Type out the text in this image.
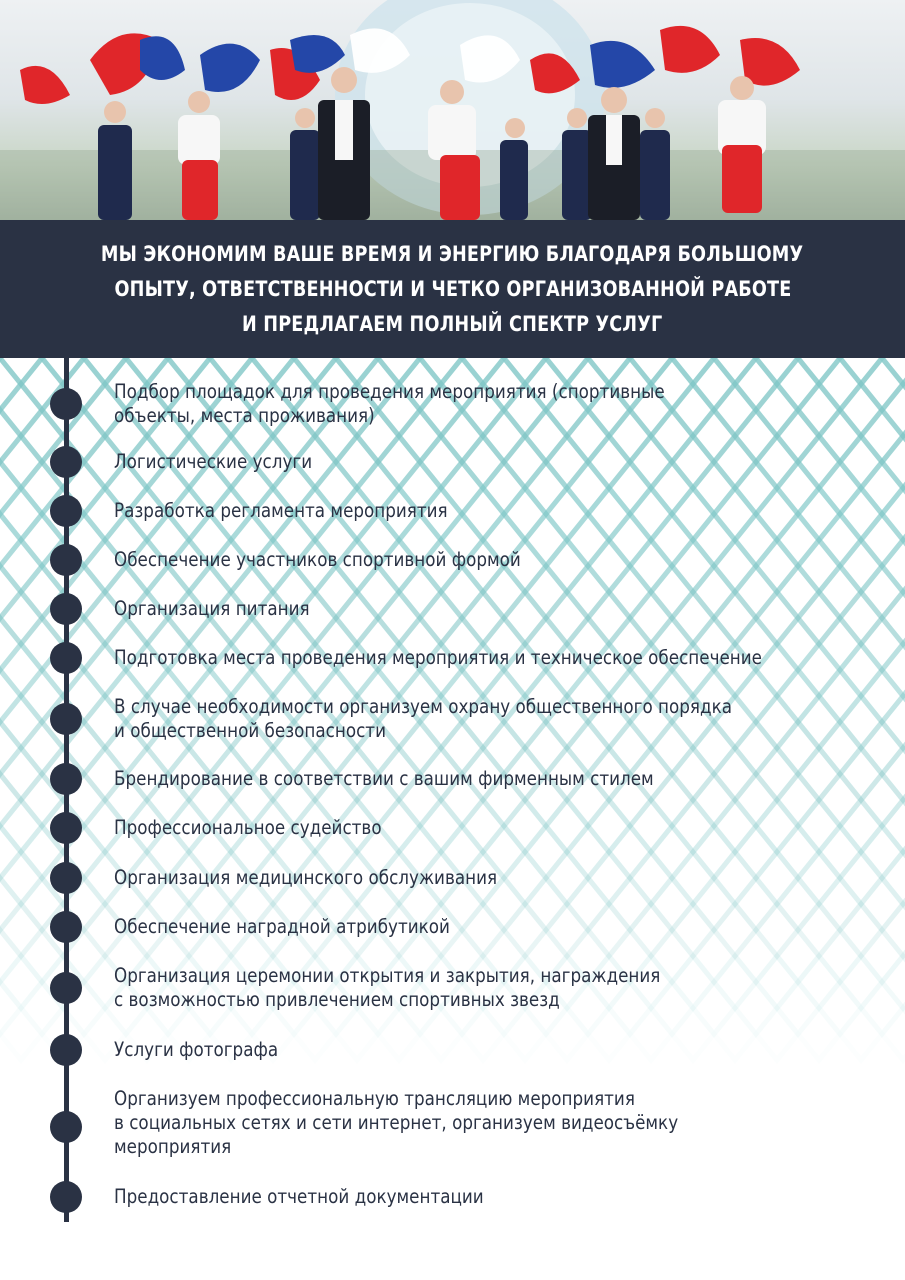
МЫ ЭКОНОМИМ ВАШЕ ВРЕМЯ И ЭНЕРГИЮ БЛАГОДАРЯ БОЛЬШОМУ
ОПЫТУ, ОТВЕТСТВЕННОСТИ И ЧЕТКО ОРГАНИЗОВАННОЙ РАБОТЕ
И ПРЕДЛАГАЕМ ПОЛНЫЙ СПЕКТР УСЛУГ
Подбор площадок для проведения мероприятия (спортивные
объекты, места проживания)
Логистические услуги
Разработка регламента мероприятия
Обеспечение участников спортивной формой
Организация питания
Подготовка места проведения мероприятия и техническое обеспечение
В случае необходимости организуем охрану общественного порядка
и общественной безопасности
Брендирование в соответствии с вашим фирменным стилем
Профессиональное судейство
Организация медицинского обслуживания
Обеспечение наградной атрибутикой
Организация церемонии открытия и закрытия, награждения
с возможностью привлечением спортивных звезд
Услуги фотографа
Организуем профессиональную трансляцию мероприятия
в социальных сетях и сети интернет, организуем видеосъёмку
мероприятия
Предоставление отчетной документации
